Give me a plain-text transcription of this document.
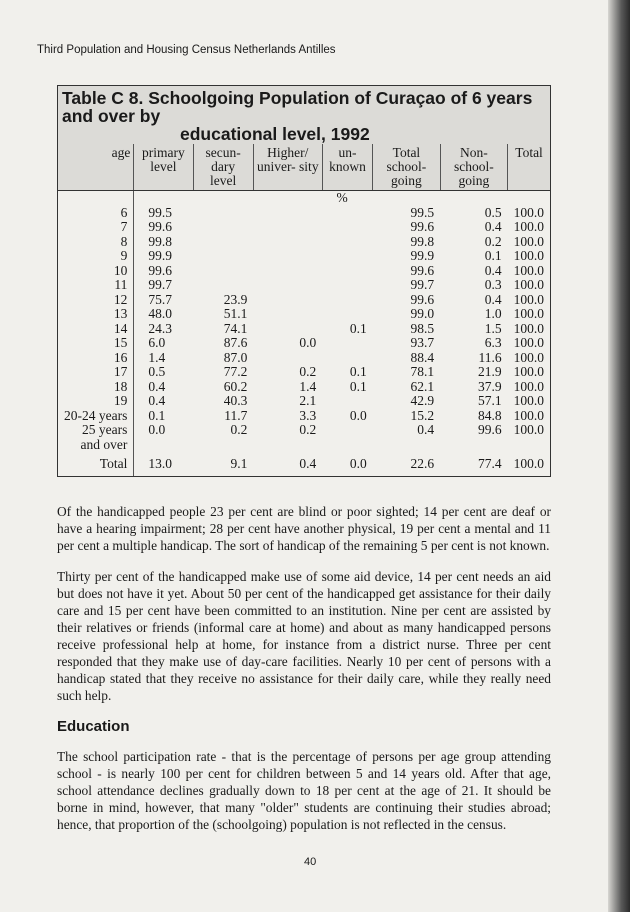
Third Population and Housing Census Netherlands Antilles
Table C 8. Schoolgoing Population of Curaçao of 6 years and over by
educational level, 1992
age	primary level	secun- dary level	Higher/ univer- sity	un- known	Total school- going	Non- school- going	Total
	%						
6	99.5				99.5	0.5	100.0
7	99.6				99.6	0.4	100.0
8	99.8				99.8	0.2	100.0
9	99.9				99.9	0.1	100.0
10	99.6				99.6	0.4	100.0
11	99.7				99.7	0.3	100.0
12	75.7	23.9			99.6	0.4	100.0
13	48.0	51.1			99.0	1.0	100.0
14	24.3	74.1		0.1	98.5	1.5	100.0
15	6.0	87.6	0.0		93.7	6.3	100.0
16	1.4	87.0			88.4	11.6	100.0
17	0.5	77.2	0.2	0.1	78.1	21.9	100.0
18	0.4	60.2	1.4	0.1	62.1	37.9	100.0
19	0.4	40.3	2.1		42.9	57.1	100.0
20-24 years	0.1	11.7	3.3	0.0	15.2	84.8	100.0
25 years	0.0	0.2	0.2		0.4	99.6	100.0
and over							
Total	13.0	9.1	0.4	0.0	22.6	77.4	100.0
Of the handicapped people 23 per cent are blind or poor sighted; 14 per cent are deaf or have a hearing impairment; 28 per cent have another physical, 19 per cent a mental and 11 per cent a multiple handicap. The sort of handicap of the remaining 5 per cent is not known.
Thirty per cent of the handicapped make use of some aid device, 14 per cent needs an aid but does not have it yet. About 50 per cent of the handicapped get assistance for their daily care and 15 per cent have been committed to an institution. Nine per cent are assisted by their relatives or friends (informal care at home) and about as many handicapped persons receive professional help at home, for instance from a district nurse. Three per cent responded that they make use of day-care facilities. Nearly 10 per cent of persons with a handicap stated that they receive no assistance for their daily care, while they really need such help.
Education
The school participation rate - that is the percentage of persons per age group attending school - is nearly 100 per cent for children between 5 and 14 years old. After that age, school attendance declines gradually down to 18 per cent at the age of 21. It should be borne in mind, however, that many "older" students are continuing their studies abroad; hence, that proportion of the (schoolgoing) population is not reflected in the census.
40
